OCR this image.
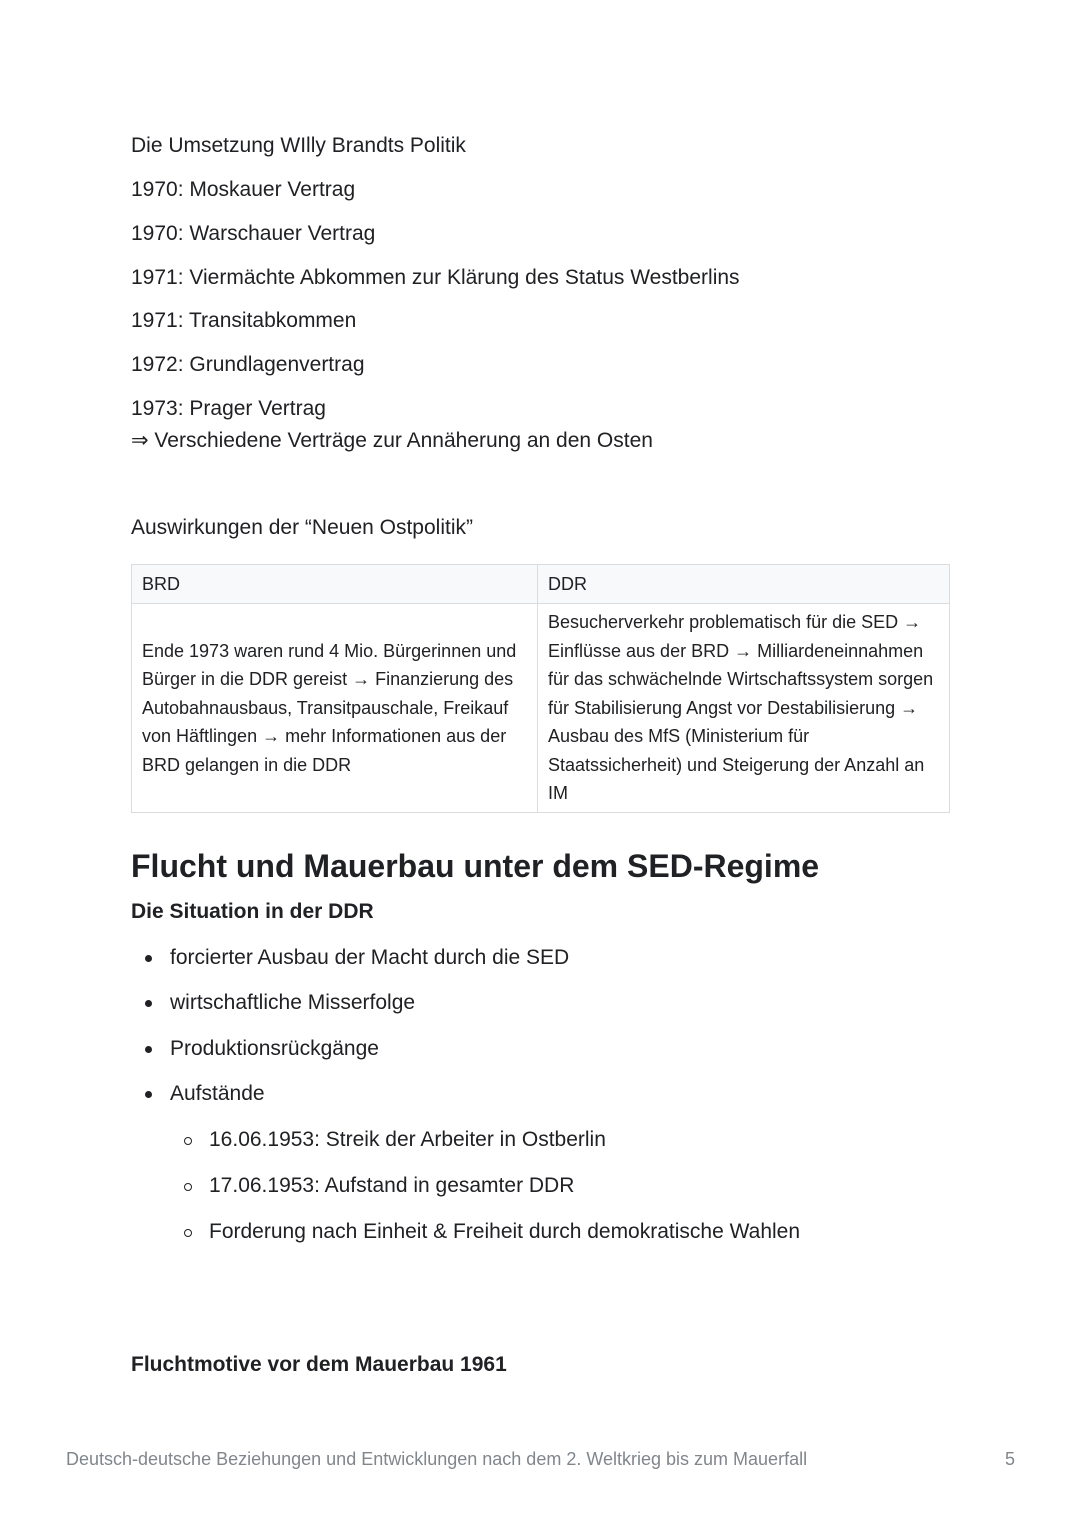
Die Umsetzung WIlly Brandts Politik
1970: Moskauer Vertrag
1970: Warschauer Vertrag
1971: Viermächte Abkommen zur Klärung des Status Westberlins
1971: Transitabkommen
1972: Grundlagenvertrag
1973: Prager Vertrag
⇒ Verschiedene Verträge zur Annäherung an den Osten
Auswirkungen der “Neuen Ostpolitik”
BRD	DDR
Ende 1973 waren rund 4 Mio. Bürgerinnen und Bürger in die DDR gereist → Finanzierung des Autobahnausbaus, Transitpauschale, Freikauf von Häftlingen → mehr Informationen aus der BRD gelangen in die DDR	Besucherverkehr problematisch für die SED → Einflüsse aus der BRD → Milliardeneinnahmen für das schwächelnde Wirtschaftssystem sorgen für Stabilisierung Angst vor Destabilisierung → Ausbau des MfS (Ministerium für Staatssicherheit) und Steigerung der Anzahl an IM
Flucht und Mauerbau unter dem SED-Regime
Die Situation in der DDR
forcierter Ausbau der Macht durch die SED
wirtschaftliche Misserfolge
Produktionsrückgänge
Aufstände
16.06.1953: Streik der Arbeiter in Ostberlin
17.06.1953: Aufstand in gesamter DDR
Forderung nach Einheit & Freiheit durch demokratische Wahlen
Fluchtmotive vor dem Mauerbau 1961
Deutsch-deutsche Beziehungen und Entwicklungen nach dem 2. Weltkrieg bis zum Mauerfall	5
